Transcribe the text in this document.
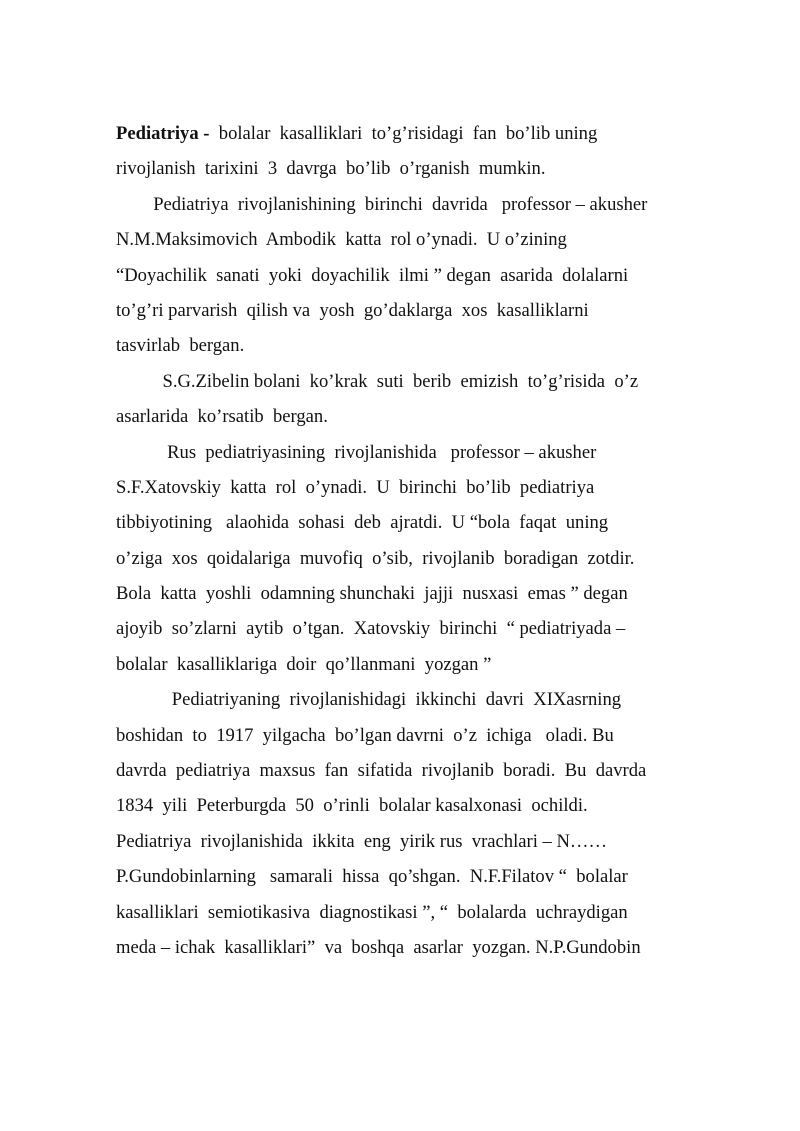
Pediatriya -  bolalar  kasalliklari  to’g’risidagi  fan  bo’lib uning
rivojlanish  tarixini  3  davrga  bo’lib  o’rganish  mumkin.
Pediatriya  rivojlanishining  birinchi  davrida   professor – akusher
N.M.Maksimovich  Ambodik  katta  rol o’ynadi.  U o’zining
“Doyachilik  sanati  yoki  doyachilik  ilmi ” degan  asarida  dolalarni
to’g’ri parvarish  qilish va  yosh  go’daklarga  xos  kasalliklarni
tasvirlab  bergan.
S.G.Zibelin bolani  ko’krak  suti  berib  emizish  to’g’risida  o’z
asarlarida  ko’rsatib  bergan.
Rus  pediatriyasining  rivojlanishida   professor – akusher
S.F.Xatovskiy  katta  rol  o’ynadi.  U  birinchi  bo’lib  pediatriya
tibbiyotining   alaohida  sohasi  deb  ajratdi.  U “bola  faqat  uning
o’ziga  xos  qoidalariga  muvofiq  o’sib,  rivojlanib  boradigan  zotdir.
Bola  katta  yoshli  odamning shunchaki  jajji  nusxasi  emas ” degan
ajoyib  so’zlarni  aytib  o’tgan.  Xatovskiy  birinchi  “ pediatriyada –
bolalar  kasalliklariga  doir  qo’llanmani  yozgan ”
Pediatriyaning  rivojlanishidagi  ikkinchi  davri  XIXasrning
boshidan  to  1917  yilgacha  bo’lgan davrni  o’z  ichiga   oladi. Bu
davrda  pediatriya  maxsus  fan  sifatida  rivojlanib  boradi.  Bu  davrda
1834  yili  Peterburgda  50  o’rinli  bolalar kasalxonasi  ochildi.
Pediatriya  rivojlanishida  ikkita  eng  yirik rus  vrachlari – N……
P.Gundobinlarning   samarali  hissa  qo’shgan.  N.F.Filatov “  bolalar
kasalliklari  semiotikasiva  diagnostikasi ”, “  bolalarda  uchraydigan
meda – ichak  kasalliklari”  va  boshqa  asarlar  yozgan. N.P.Gundobin
